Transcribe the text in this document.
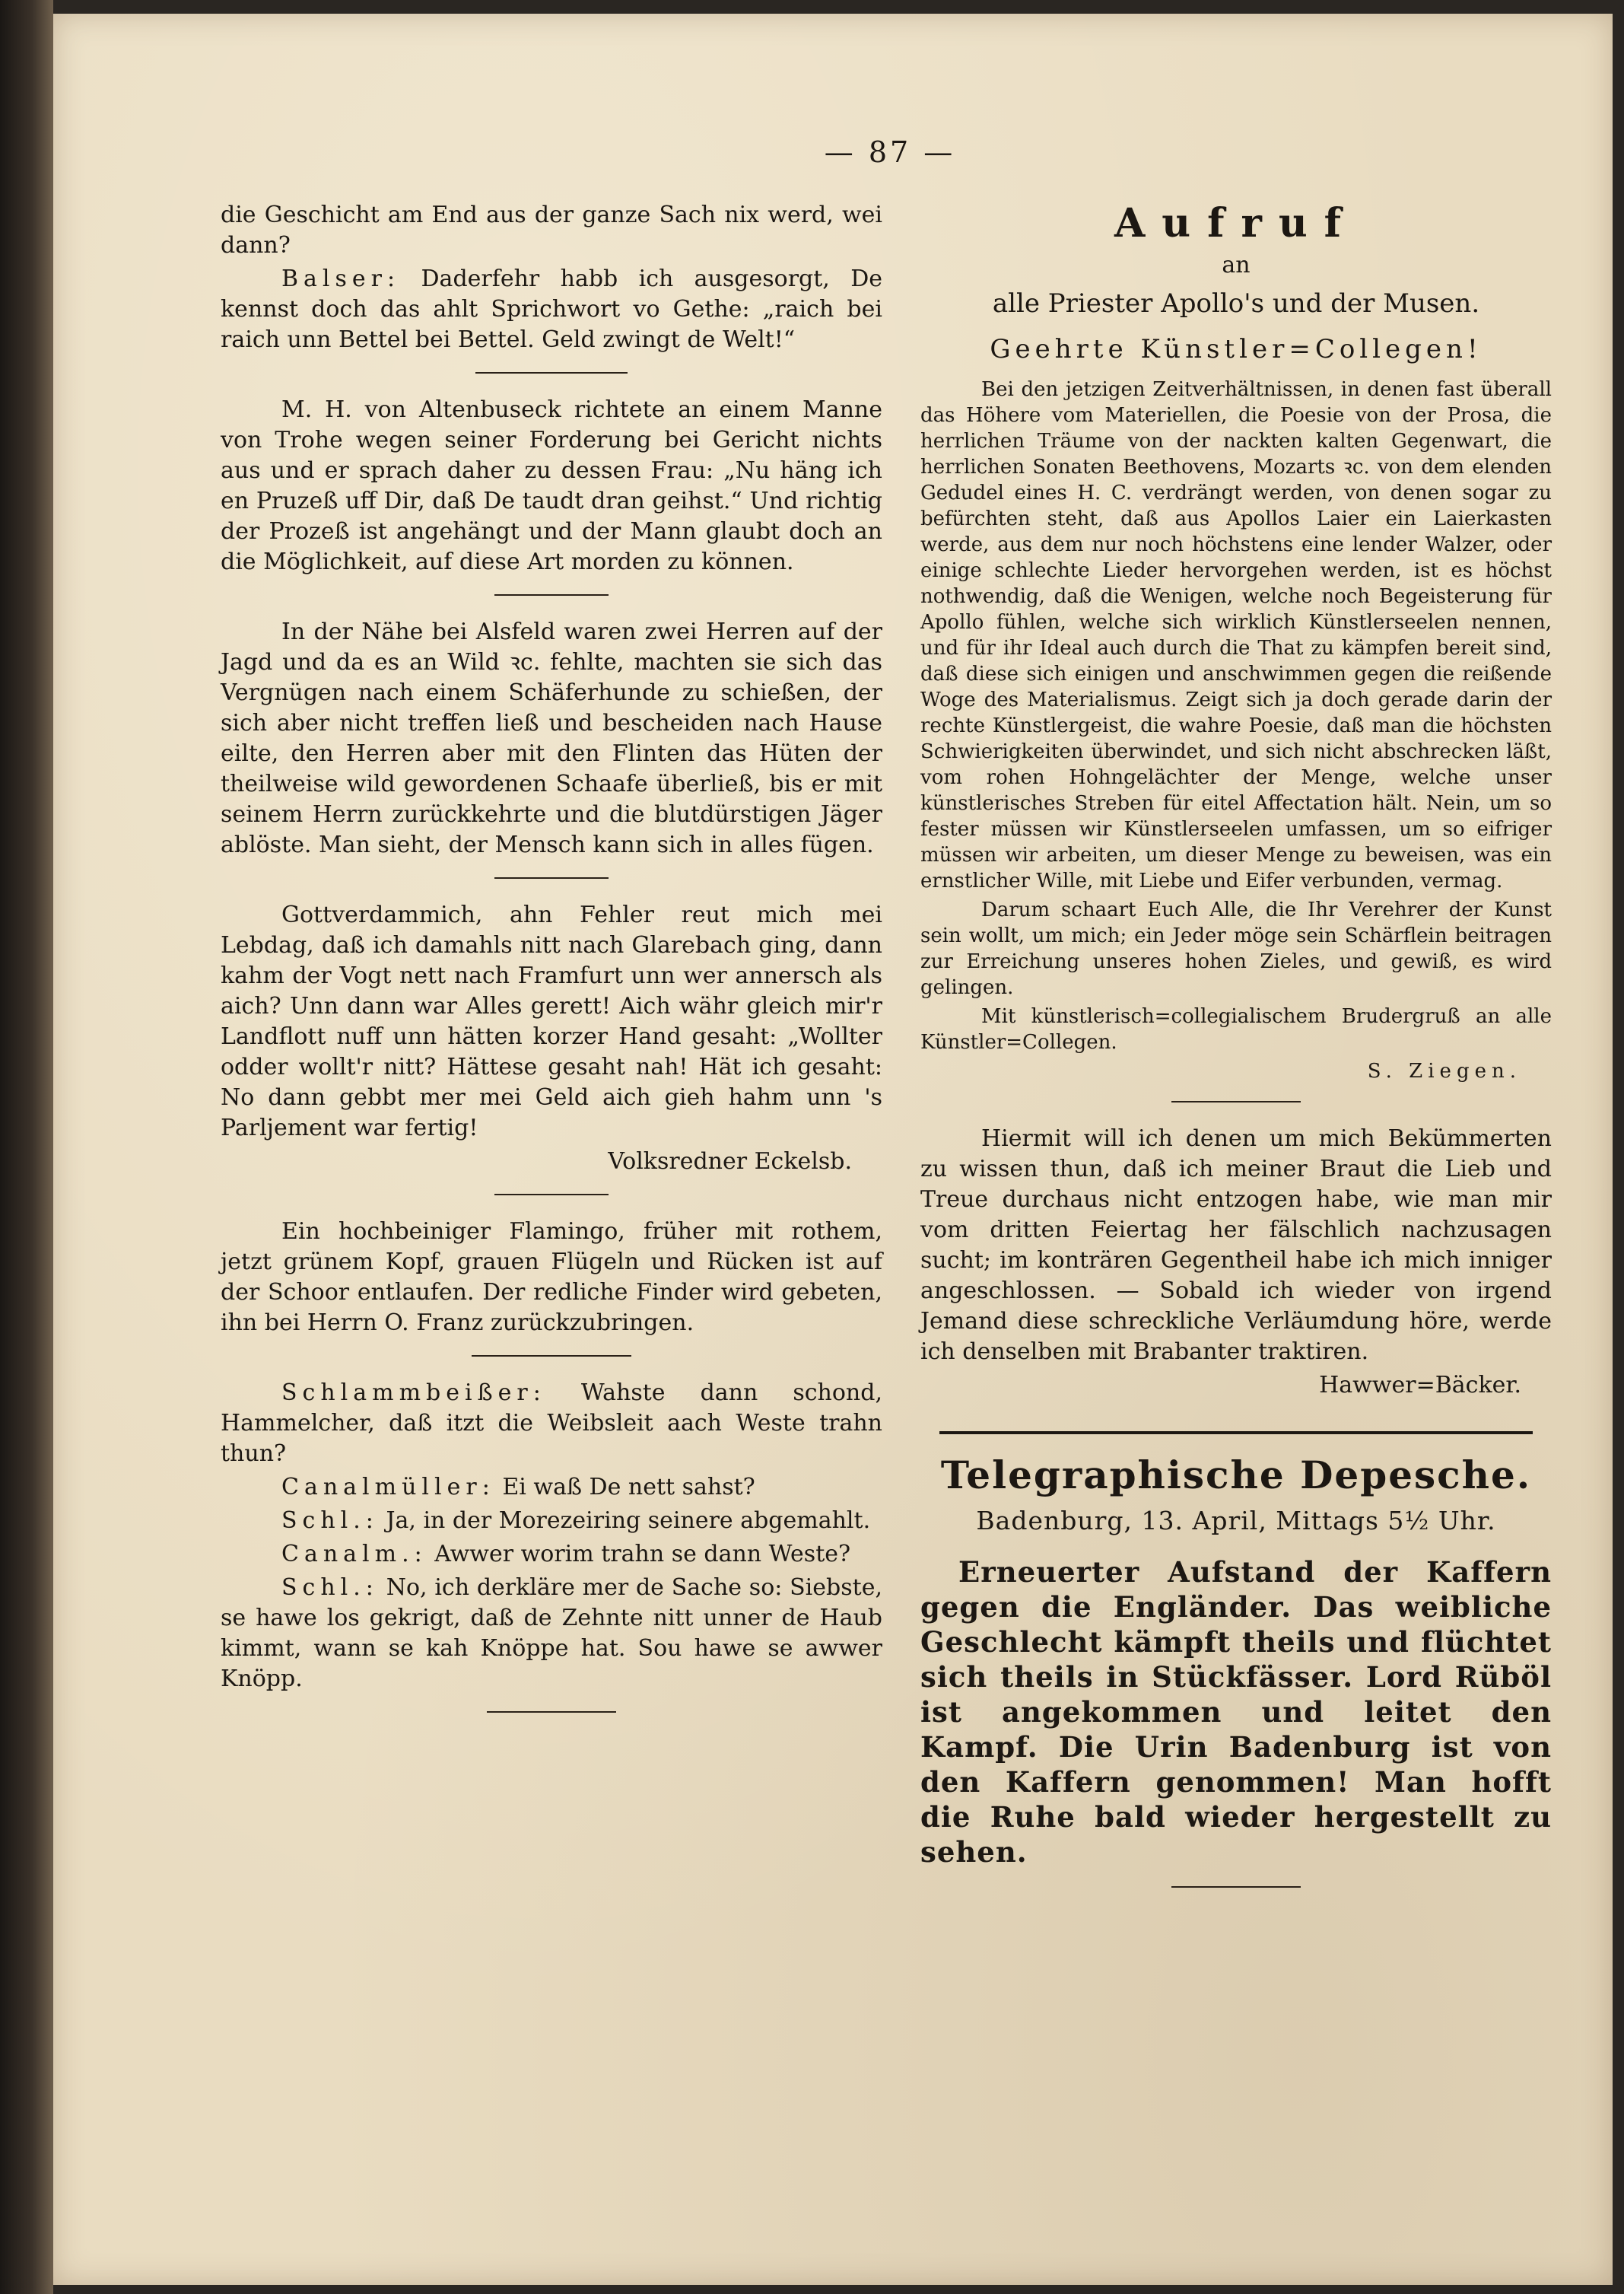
— 87 —

die Geschicht am End aus der ganze Sach nix werd, wei dann?

Balser: Daderfehr habb ich ausgesorgt, De kennst doch das ahlt Sprichwort vo Gethe: „raich bei raich unn Bettel bei Bettel. Geld zwingt de Welt!“

M. H. von Altenbuseck richtete an einem Manne von Trohe wegen seiner Forderung bei Gericht nichts aus und er sprach daher zu dessen Frau: „Nu häng ich en Pruzeß uff Dir, daß De taudt dran geihst.“ Und richtig der Prozeß ist angehängt und der Mann glaubt doch an die Möglichkeit, auf diese Art morden zu können.

In der Nähe bei Alsfeld waren zwei Herren auf der Jagd und da es an Wild ꝛc. fehlte, machten sie sich das Vergnügen nach einem Schäferhunde zu schießen, der sich aber nicht treffen ließ und bescheiden nach Hause eilte, den Herren aber mit den Flinten das Hüten der theilweise wild gewordenen Schaafe überließ, bis er mit seinem Herrn zurückkehrte und die blutdürstigen Jäger ablöste. Man sieht, der Mensch kann sich in alles fügen.

Gottverdammich, ahn Fehler reut mich mei Lebdag, daß ich damahls nitt nach Glarebach ging, dann kahm der Vogt nett nach Framfurt unn wer annersch als aich? Unn dann war Alles gerett! Aich währ gleich mir'r Landflott nuff unn hätten korzer Hand gesaht: „Wollter odder wollt'r nitt? Hättese gesaht nah! Hät ich gesaht: No dann gebbt mer mei Geld aich gieh hahm unn 's Parljement war fertig!

Volksredner Eckelsb.

Ein hochbeiniger Flamingo, früher mit rothem, jetzt grünem Kopf, grauen Flügeln und Rücken ist auf der Schoor entlaufen. Der redliche Finder wird gebeten, ihn bei Herrn O. Franz zurückzubringen.

Schlammbeißer: Wahste dann schond, Hammelcher, daß itzt die Weibsleit aach Weste trahn thun?

Canalmüller: Ei waß De nett sahst?

Schl.: Ja, in der Morezeiring seinere abgemahlt.

Canalm.: Awwer worim trahn se dann Weste?

Schl.: No, ich derkläre mer de Sache so: Siebste, se hawe los gekrigt, daß de Zehnte nitt unner de Haub kimmt, wann se kah Knöppe hat. Sou hawe se awwer Knöpp.

Aufruf
an
alle Priester Apollo's und der Musen.
Geehrte Künstler=Collegen!

Bei den jetzigen Zeitverhältnissen, in denen fast überall das Höhere vom Materiellen, die Poesie von der Prosa, die herrlichen Träume von der nackten kalten Gegenwart, die herrlichen Sonaten Beethovens, Mozarts ꝛc. von dem elenden Gedudel eines H. C. verdrängt werden, von denen sogar zu befürchten steht, daß aus Apollos Laier ein Laierkasten werde, aus dem nur noch höchstens eine lender Walzer, oder einige schlechte Lieder hervorgehen werden, ist es höchst nothwendig, daß die Wenigen, welche noch Begeisterung für Apollo fühlen, welche sich wirklich Künstlerseelen nennen, und für ihr Ideal auch durch die That zu kämpfen bereit sind, daß diese sich einigen und anschwimmen gegen die reißende Woge des Materialismus. Zeigt sich ja doch gerade darin der rechte Künstlergeist, die wahre Poesie, daß man die höchsten Schwierigkeiten überwindet, und sich nicht abschrecken läßt, vom rohen Hohngelächter der Menge, welche unser künstlerisches Streben für eitel Affectation hält. Nein, um so fester müssen wir Künstlerseelen umfassen, um so eifriger müssen wir arbeiten, um dieser Menge zu beweisen, was ein ernstlicher Wille, mit Liebe und Eifer verbunden, vermag.

Darum schaart Euch Alle, die Ihr Verehrer der Kunst sein wollt, um mich; ein Jeder möge sein Schärflein beitragen zur Erreichung unseres hohen Zieles, und gewiß, es wird gelingen.

Mit künstlerisch=collegialischem Brudergruß an alle Künstler=Collegen.

S. Ziegen.

Hiermit will ich denen um mich Bekümmerten zu wissen thun, daß ich meiner Braut die Lieb und Treue durchaus nicht entzogen habe, wie man mir vom dritten Feiertag her fälschlich nachzusagen sucht; im konträren Gegentheil habe ich mich inniger angeschlossen. — Sobald ich wieder von irgend Jemand diese schreckliche Verläumdung höre, werde ich denselben mit Brabanter traktiren.

Hawwer=Bäcker.

Telegraphische Depesche.
Badenburg, 13. April, Mittags 5½ Uhr.

Erneuerter Aufstand der Kaffern gegen die Engländer. Das weibliche Geschlecht kämpft theils und flüchtet sich theils in Stückfässer. Lord Rüböl ist angekommen und leitet den Kampf. Die Urin Badenburg ist von den Kaffern genommen! Man hofft die Ruhe bald wieder hergestellt zu sehen.
